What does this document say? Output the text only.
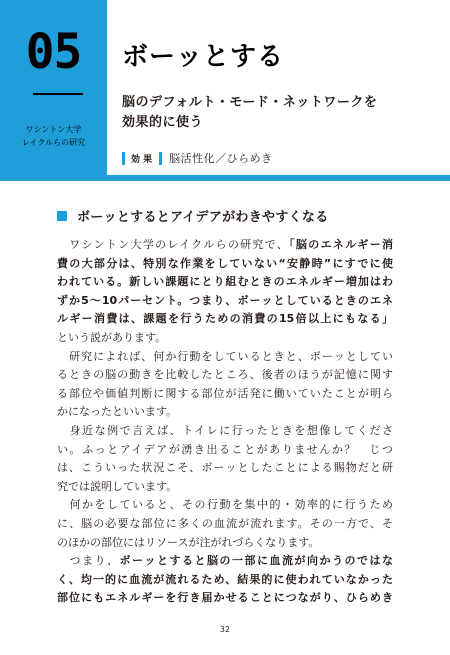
05
ワシントン大学
レイクルらの研究
ボーッとする
脳のデフォルト・モード・ネットワークを
効果的に使う
効 果 脳活性化／ひらめき
ボーッとするとアイデアがわきやすくなる
　ワシントン大学のレイクルらの研究で、「脳のエネルギー消
費の大部分は、特別な作業をしていない“安静時”にすでに使
われている。新しい課題にとり組むときのエネルギー増加はわ
ずか5〜10パーセント。つまり、ボーッとしているときのエネ
ルギー消費は、課題を行うための消費の15倍以上にもなる」
という説があります。
　研究によれば、何か行動をしているときと、ボーッとしてい
るときの脳の動きを比較したところ、後者のほうが記憶に関す
る部位や価値判断に関する部位が活発に働いていたことが明ら
かになったといいます。
　身近な例で言えば、トイレに行ったときを想像してくださ
い。ふっとアイデアが湧き出ることがありませんか？　じつ
は、こういった状況こそ、ボーッとしたことによる賜物だと研
究では説明しています。
　何かをしていると、その行動を集中的・効率的に行うため
に、脳の必要な部位に多くの血流が流れます。その一方で、そ
のほかの部位にはリソースが注がれづらくなります。
　つまり、ボーッとすると脳の一部に血流が向かうのではな
く、均一的に血流が流れるため、結果的に使われていなかった
部位にもエネルギーを行き届かせることにつながり、ひらめき
32
